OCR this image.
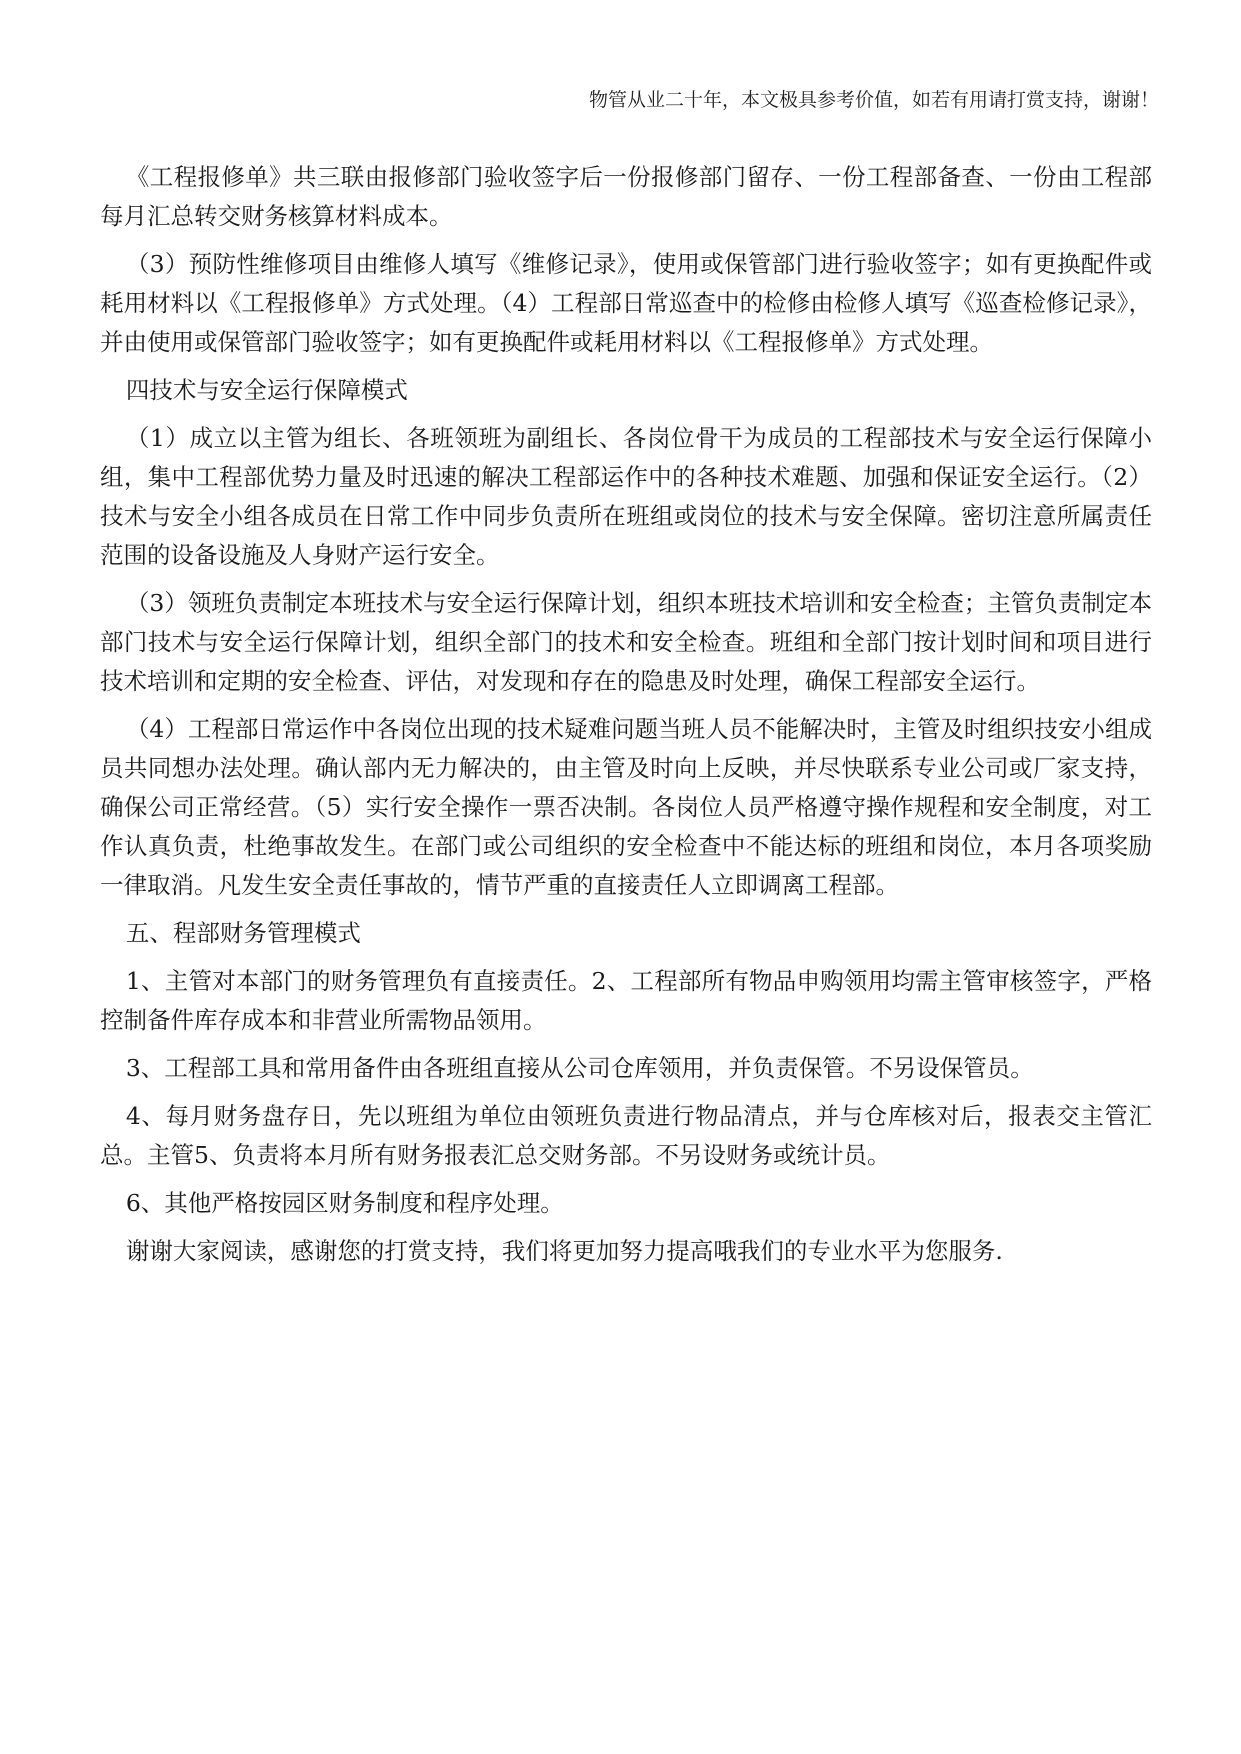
物管从业二十年，本文极具参考价值，如若有用请打赏支持，谢谢！

《工程报修单》共三联由报修部门验收签字后一份报修部门留存、一份工程部备查、一份由工程部每月汇总转交财务核算材料成本。

（3）预防性维修项目由维修人填写《维修记录》，使用或保管部门进行验收签字；如有更换配件或耗用材料以《工程报修单》方式处理。（4）工程部日常巡查中的检修由检修人填写《巡查检修记录》，并由使用或保管部门验收签字；如有更换配件或耗用材料以《工程报修单》方式处理。

四技术与安全运行保障模式

（1）成立以主管为组长、各班领班为副组长、各岗位骨干为成员的工程部技术与安全运行保障小组，集中工程部优势力量及时迅速的解决工程部运作中的各种技术难题、加强和保证安全运行。（2）技术与安全小组各成员在日常工作中同步负责所在班组或岗位的技术与安全保障。密切注意所属责任范围的设备设施及人身财产运行安全。

（3）领班负责制定本班技术与安全运行保障计划，组织本班技术培训和安全检查；主管负责制定本部门技术与安全运行保障计划，组织全部门的技术和安全检查。班组和全部门按计划时间和项目进行技术培训和定期的安全检查、评估，对发现和存在的隐患及时处理，确保工程部安全运行。

（4）工程部日常运作中各岗位出现的技术疑难问题当班人员不能解决时，主管及时组织技安小组成员共同想办法处理。确认部内无力解决的，由主管及时向上反映，并尽快联系专业公司或厂家支持，确保公司正常经营。（5）实行安全操作一票否决制。各岗位人员严格遵守操作规程和安全制度，对工作认真负责，杜绝事故发生。在部门或公司组织的安全检查中不能达标的班组和岗位，本月各项奖励一律取消。凡发生安全责任事故的，情节严重的直接责任人立即调离工程部。

五、程部财务管理模式

1、主管对本部门的财务管理负有直接责任。2、工程部所有物品申购领用均需主管审核签字，严格控制备件库存成本和非营业所需物品领用。

3、工程部工具和常用备件由各班组直接从公司仓库领用，并负责保管。不另设保管员。

4、每月财务盘存日，先以班组为单位由领班负责进行物品清点，并与仓库核对后，报表交主管汇总。主管5、负责将本月所有财务报表汇总交财务部。不另设财务或统计员。

6、其他严格按园区财务制度和程序处理。

谢谢大家阅读，感谢您的打赏支持，我们将更加努力提高哦我们的专业水平为您服务.
